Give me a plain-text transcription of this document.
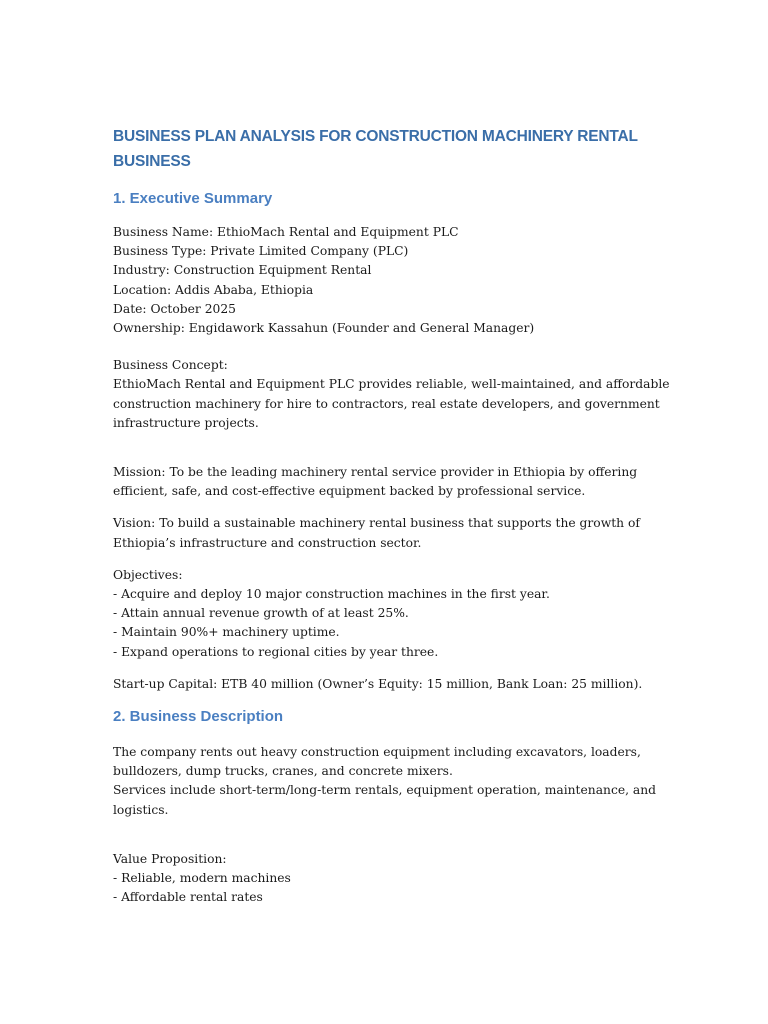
BUSINESS PLAN ANALYSIS FOR CONSTRUCTION MACHINERY RENTAL
BUSINESS
1. Executive Summary

Business Name: EthioMach Rental and Equipment PLC
Business Type: Private Limited Company (PLC)
Industry: Construction Equipment Rental
Location: Addis Ababa, Ethiopia
Date: October 2025
Ownership: Engidawork Kassahun (Founder and General Manager)

Business Concept:
EthioMach Rental and Equipment PLC provides reliable, well-maintained, and affordable
construction machinery for hire to contractors, real estate developers, and government
infrastructure projects.

Mission: To be the leading machinery rental service provider in Ethiopia by offering
efficient, safe, and cost-effective equipment backed by professional service.

Vision: To build a sustainable machinery rental business that supports the growth of
Ethiopia’s infrastructure and construction sector.

Objectives:
- Acquire and deploy 10 major construction machines in the first year.
- Attain annual revenue growth of at least 25%.
- Maintain 90%+ machinery uptime.
- Expand operations to regional cities by year three.

Start-up Capital: ETB 40 million (Owner’s Equity: 15 million, Bank Loan: 25 million).

2. Business Description

The company rents out heavy construction equipment including excavators, loaders,
bulldozers, dump trucks, cranes, and concrete mixers.
Services include short-term/long-term rentals, equipment operation, maintenance, and
logistics.

Value Proposition:
- Reliable, modern machines
- Affordable rental rates
